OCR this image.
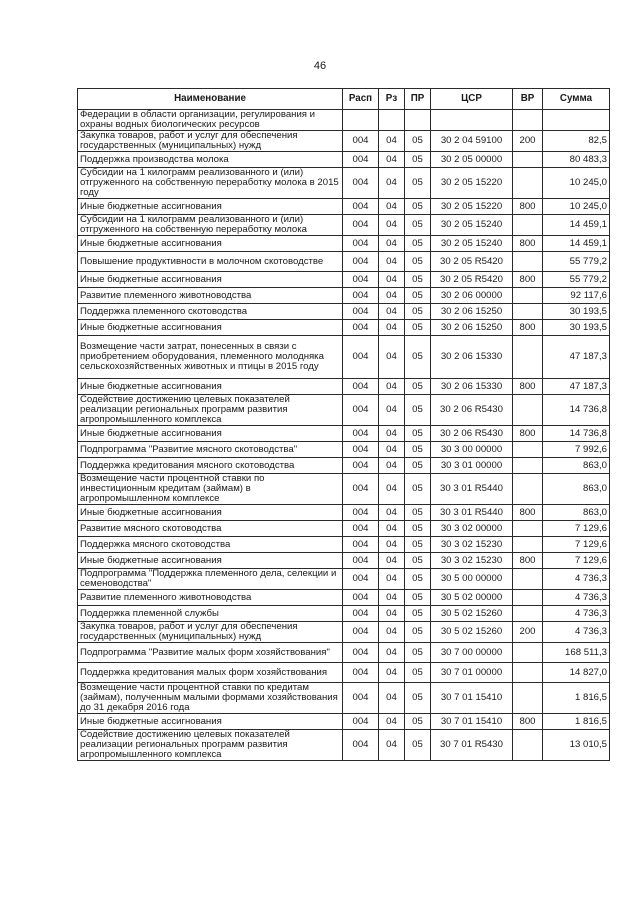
46
Наименование	Расп	Рз	ПР	ЦСР	ВР	Сумма
Федерации в области организации, регулирования и охраны водных биологических ресурсов						
Закупка товаров, работ и услуг для обеспечения государственных (муниципальных) нужд	004	04	05	30 2 04 59100	200	82,5
Поддержка производства молока	004	04	05	30 2 05 00000		80 483,3
Субсидии на 1 килограмм реализованного и (или) отгруженного на собственную переработку молока в 2015 году	004	04	05	30 2 05 15220		10 245,0
Иные бюджетные ассигнования	004	04	05	30 2 05 15220	800	10 245,0
Субсидии на 1 килограмм реализованного и (или) отгруженного на собственную переработку молока	004	04	05	30 2 05 15240		14 459,1
Иные бюджетные ассигнования	004	04	05	30 2 05 15240	800	14 459,1
Повышение продуктивности в молочном скотоводстве	004	04	05	30 2 05 R5420		55 779,2
Иные бюджетные ассигнования	004	04	05	30 2 05 R5420	800	55 779,2
Развитие племенного животноводства	004	04	05	30 2 06 00000		92 117,6
Поддержка племенного скотоводства	004	04	05	30 2 06 15250		30 193,5
Иные бюджетные ассигнования	004	04	05	30 2 06 15250	800	30 193,5
Возмещение части затрат, понесенных в связи с приобретением оборудования, племенного молодняка сельскохозяйственных животных и птицы в 2015 году	004	04	05	30 2 06 15330		47 187,3
Иные бюджетные ассигнования	004	04	05	30 2 06 15330	800	47 187,3
Содействие достижению целевых показателей реализации региональных программ развития агропромышленного комплекса	004	04	05	30 2 06 R5430		14 736,8
Иные бюджетные ассигнования	004	04	05	30 2 06 R5430	800	14 736,8
Подпрограмма "Развитие мясного скотоводства"	004	04	05	30 3 00 00000		7 992,6
Поддержка кредитования мясного скотоводства	004	04	05	30 3 01 00000		863,0
Возмещение части процентной ставки по инвестиционным кредитам (займам) в агропромышленном комплексе	004	04	05	30 3 01 R5440		863,0
Иные бюджетные ассигнования	004	04	05	30 3 01 R5440	800	863,0
Развитие мясного скотоводства	004	04	05	30 3 02 00000		7 129,6
Поддержка мясного скотоводства	004	04	05	30 3 02 15230		7 129,6
Иные бюджетные ассигнования	004	04	05	30 3 02 15230	800	7 129,6
Подпрограмма "Поддержка племенного дела, селекции и семеноводства"	004	04	05	30 5 00 00000		4 736,3
Развитие племенного животноводства	004	04	05	30 5 02 00000		4 736,3
Поддержка племенной службы	004	04	05	30 5 02 15260		4 736,3
Закупка товаров, работ и услуг для обеспечения государственных (муниципальных) нужд	004	04	05	30 5 02 15260	200	4 736,3
Подпрограмма "Развитие малых форм хозяйствования"	004	04	05	30 7 00 00000		168 511,3
Поддержка кредитования малых форм хозяйствования	004	04	05	30 7 01 00000		14 827,0
Возмещение части процентной ставки по кредитам (займам), полученным малыми формами хозяйствования до 31 декабря 2016 года	004	04	05	30 7 01 15410		1 816,5
Иные бюджетные ассигнования	004	04	05	30 7 01 15410	800	1 816,5
Содействие достижению целевых показателей реализации региональных программ развития агропромышленного комплекса	004	04	05	30 7 01 R5430		13 010,5
